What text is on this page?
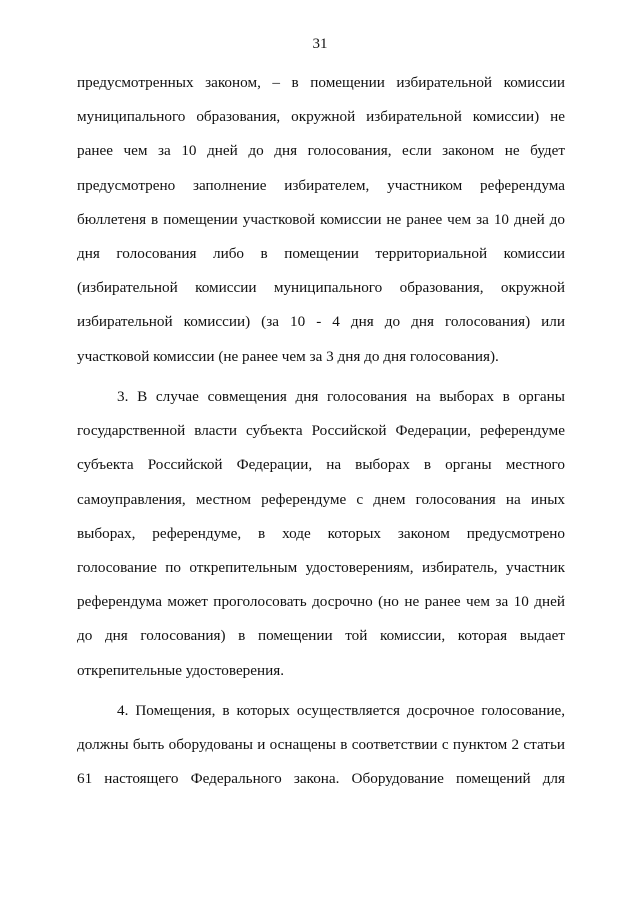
31
предусмотренных законом, – в помещении избирательной комиссии
муниципального образования, окружной избирательной комиссии) не
ранее чем за 10 дней до дня голосования, если законом не будет
предусмотрено заполнение избирателем, участником референдума
бюллетеня в помещении участковой комиссии не ранее чем за 10 дней до
дня голосования либо в помещении территориальной комиссии
(избирательной комиссии муниципального образования, окружной
избирательной комиссии) (за 10 - 4 дня до дня голосования) или
участковой комиссии (не ранее чем за 3 дня до дня голосования).
3. В случае совмещения дня голосования на выборах в органы
государственной власти субъекта Российской Федерации, референдуме
субъекта Российской Федерации, на выборах в органы местного
самоуправления, местном референдуме с днем голосования на иных
выборах, референдуме, в ходе которых законом предусмотрено
голосование по открепительным удостоверениям, избиратель, участник
референдума может проголосовать досрочно (но не ранее чем за 10 дней
до дня голосования) в помещении той комиссии, которая выдает
открепительные удостоверения.
4. Помещения, в которых осуществляется досрочное голосование,
должны быть оборудованы и оснащены в соответствии с пунктом 2 статьи
61 настоящего Федерального закона. Оборудование помещений для
